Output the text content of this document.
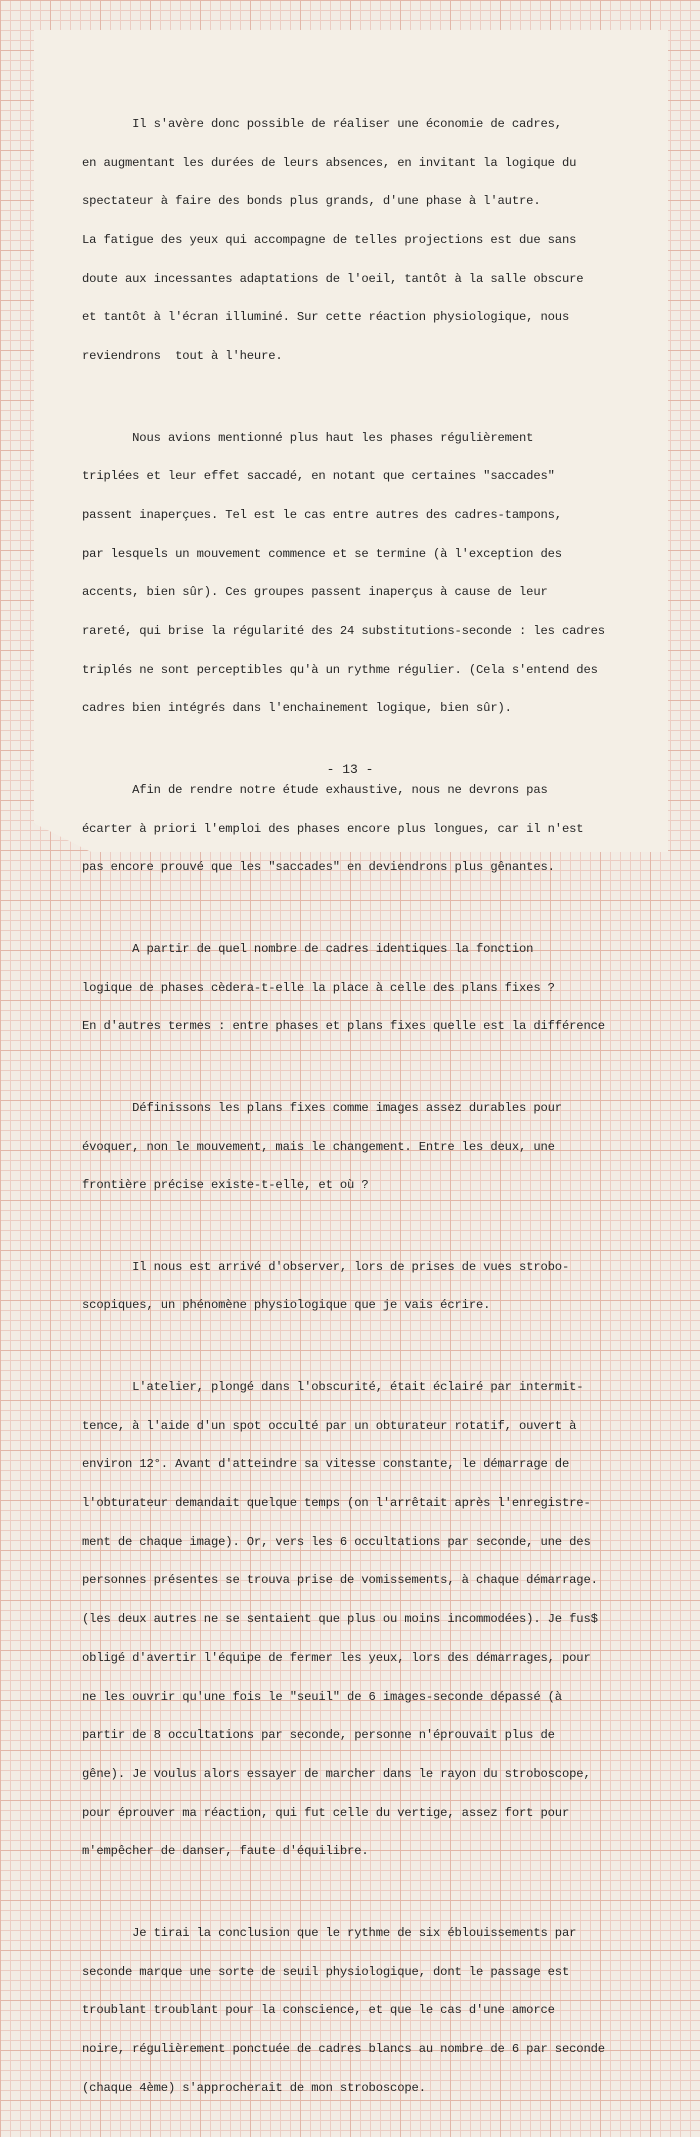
Il s'avère donc possible de réaliser une économie de cadres,

en augmentant les durées de leurs absences, en invitant la logique du

spectateur à faire des bonds plus grands, d'une phase à l'autre.

La fatigue des yeux qui accompagne de telles projections est due sans

doute aux incessantes adaptations de l'oeil, tantôt à la salle obscure

et tantôt à l'écran illuminé. Sur cette réaction physiologique, nous

reviendrons  tout à l'heure.

Nous avions mentionné plus haut les phases régulièrement

triplées et leur effet saccadé, en notant que certaines "saccades"

passent inaperçues. Tel est le cas entre autres des cadres-tampons,

par lesquels un mouvement commence et se termine (à l'exception des

accents, bien sûr). Ces groupes passent inaperçus à cause de leur

rareté, qui brise la régularité des 24 substitutions-seconde : les cadres

triplés ne sont perceptibles qu'à un rythme régulier. (Cela s'entend des

cadres bien intégrés dans l'enchainement logique, bien sûr).

Afin de rendre notre étude exhaustive, nous ne devrons pas

écarter à priori l'emploi des phases encore plus longues, car il n'est

pas encore prouvé que les "saccades" en deviendrons plus gênantes.

A partir de quel nombre de cadres identiques la fonction

logique de phases cèdera-t-elle la place à celle des plans fixes ?

En d'autres termes : entre phases et plans fixes quelle est la différence

Définissons les plans fixes comme images assez durables pour

évoquer, non le mouvement, mais le changement. Entre les deux, une

frontière précise existe-t-elle, et où ?

Il nous est arrivé d'observer, lors de prises de vues strobo-

scopiques, un phénomène physiologique que je vais écrire.

L'atelier, plongé dans l'obscurité, était éclairé par intermit-

tence, à l'aide d'un spot occulté par un obturateur rotatif, ouvert à

environ 12°. Avant d'atteindre sa vitesse constante, le démarrage de

l'obturateur demandait quelque temps (on l'arrêtait après l'enregistre-

ment de chaque image). Or, vers les 6 occultations par seconde, une des

personnes présentes se trouva prise de vomissements, à chaque démarrage.

(les deux autres ne se sentaient que plus ou moins incommodées). Je fus$

obligé d'avertir l'équipe de fermer les yeux, lors des démarrages, pour

ne les ouvrir qu'une fois le "seuil" de 6 images-seconde dépassé (à

partir de 8 occultations par seconde, personne n'éprouvait plus de

gêne). Je voulus alors essayer de marcher dans le rayon du stroboscope,

pour éprouver ma réaction, qui fut celle du vertige, assez fort pour

m'empêcher de danser, faute d'équilibre.

Je tirai la conclusion que le rythme de six éblouissements par

seconde marque une sorte de seuil physiologique, dont le passage est

troublant troublant pour la conscience, et que le cas d'une amorce

noire, régulièrement ponctuée de cadres blancs au nombre de 6 par seconde

(chaque 4ème) s'approcherait de mon stroboscope.

- 13 -
